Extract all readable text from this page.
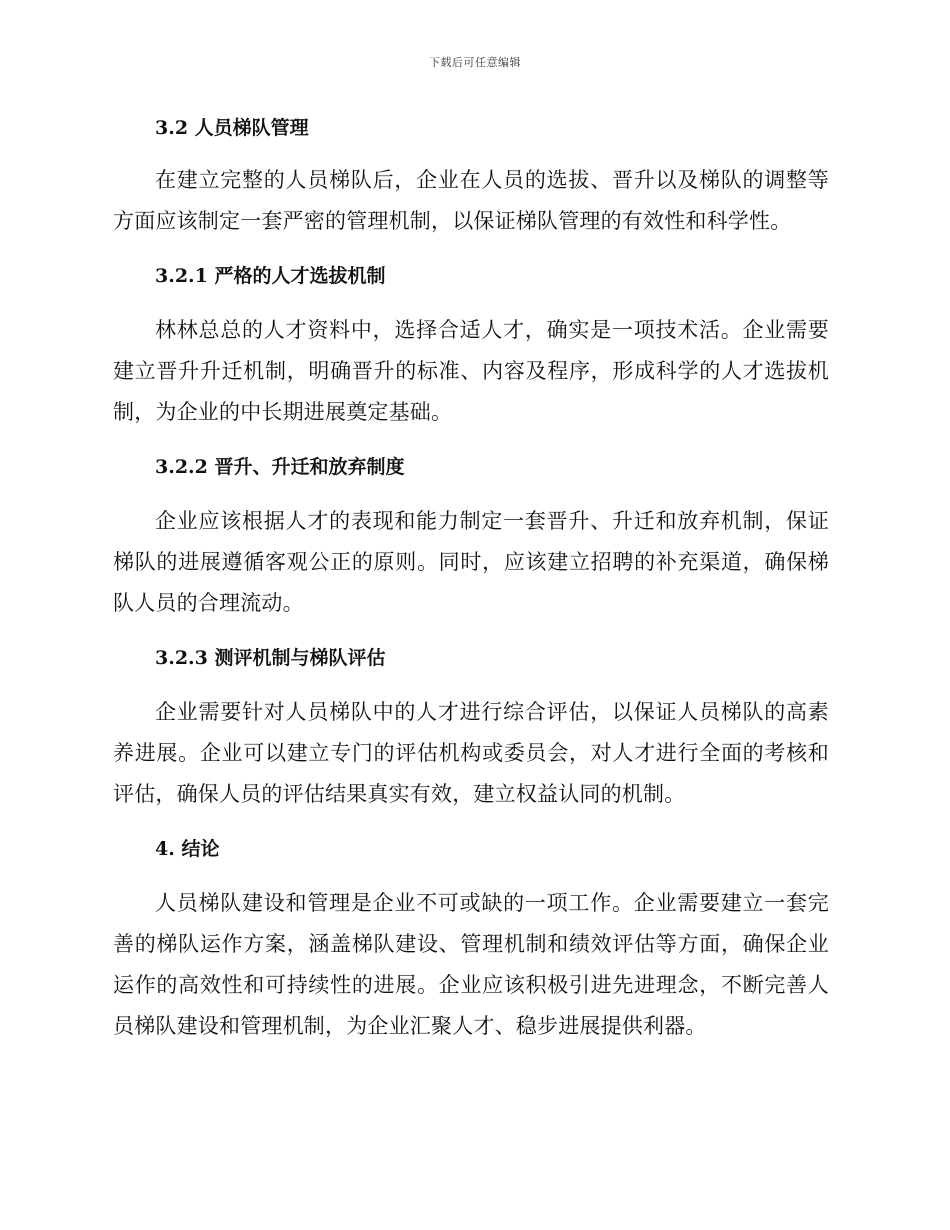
下载后可任意编辑
3.2 人员梯队管理

在建立完整的人员梯队后，企业在人员的选拔、晋升以及梯队的调整等方面应该制定一套严密的管理机制，以保证梯队管理的有效性和科学性。

3.2.1 严格的人才选拔机制

林林总总的人才资料中，选择合适人才，确实是一项技术活。企业需要建立晋升升迁机制，明确晋升的标准、内容及程序，形成科学的人才选拔机制，为企业的中长期进展奠定基础。

3.2.2 晋升、升迁和放弃制度

企业应该根据人才的表现和能力制定一套晋升、升迁和放弃机制，保证梯队的进展遵循客观公正的原则。同时，应该建立招聘的补充渠道，确保梯队人员的合理流动。

3.2.3 测评机制与梯队评估

企业需要针对人员梯队中的人才进行综合评估，以保证人员梯队的高素养进展。企业可以建立专门的评估机构或委员会，对人才进行全面的考核和评估，确保人员的评估结果真实有效，建立权益认同的机制。

4. 结论

人员梯队建设和管理是企业不可或缺的一项工作。企业需要建立一套完善的梯队运作方案，涵盖梯队建设、管理机制和绩效评估等方面，确保企业运作的高效性和可持续性的进展。企业应该积极引进先进理念，不断完善人员梯队建设和管理机制，为企业汇聚人才、稳步进展提供利器。
